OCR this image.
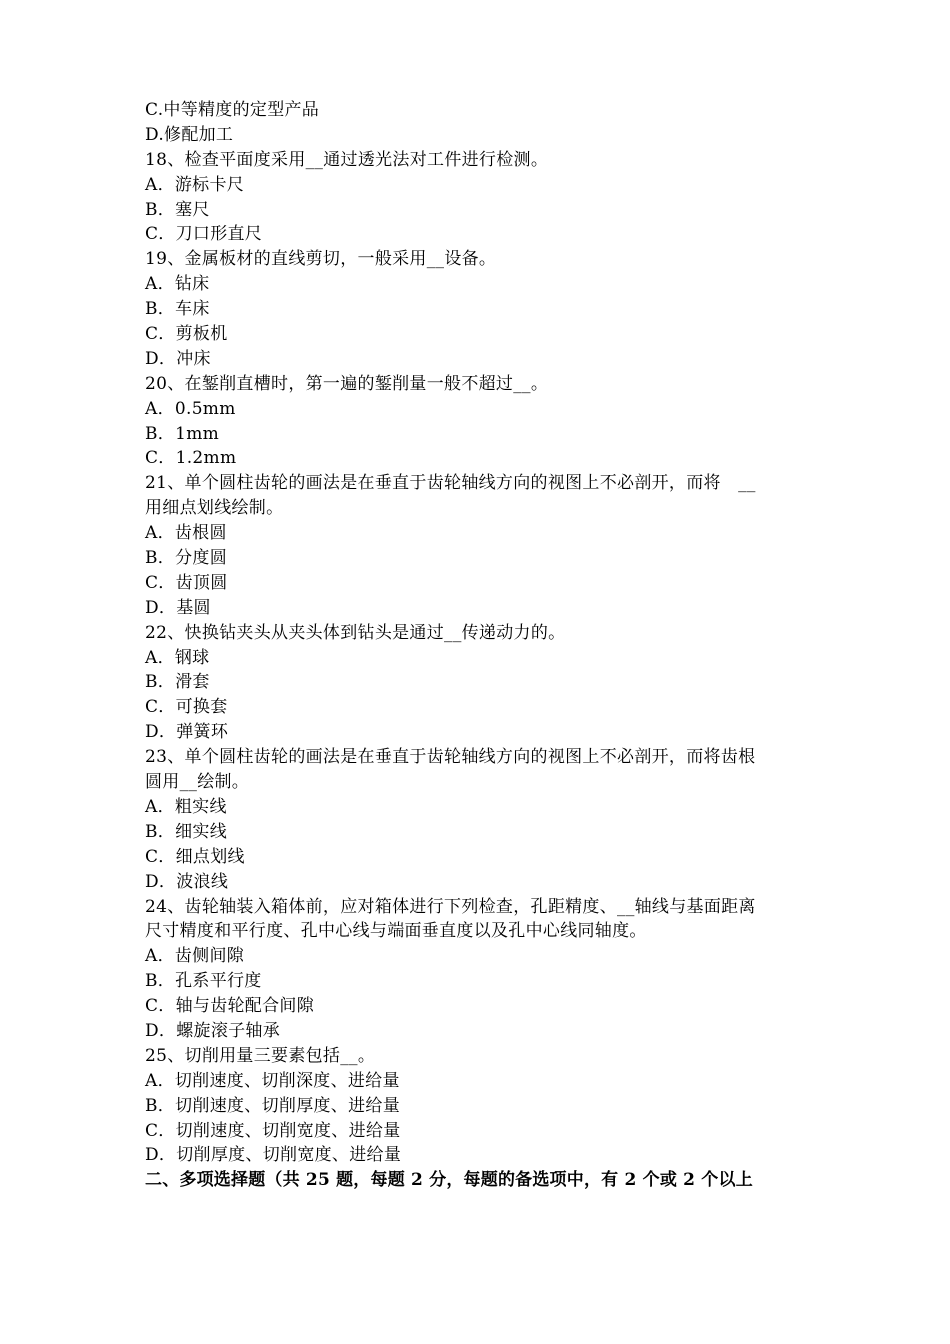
C.中等精度的定型产品
D.修配加工
18、检查平面度采用__通过透光法对工件进行检测。
A．游标卡尺
B．塞尺
C．刀口形直尺
19、金属板材的直线剪切，一般采用__设备。
A．钻床
B．车床
C．剪板机
D．冲床
20、在錾削直槽时，第一遍的錾削量一般不超过__。
A．0.5mm
B．1mm
C．1.2mm
21、单个圆柱齿轮的画法是在垂直于齿轮轴线方向的视图上不必剖开，而将　__
用细点划线绘制。
A．齿根圆
B．分度圆
C．齿顶圆
D．基圆
22、快换钻夹头从夹头体到钻头是通过__传递动力的。
A．钢球
B．滑套
C．可换套
D．弹簧环
23、单个圆柱齿轮的画法是在垂直于齿轮轴线方向的视图上不必剖开，而将齿根
圆用__绘制。
A．粗实线
B．细实线
C．细点划线
D．波浪线
24、齿轮轴装入箱体前，应对箱体进行下列检查，孔距精度、__轴线与基面距离
尺寸精度和平行度、孔中心线与端面垂直度以及孔中心线同轴度。
A．齿侧间隙
B．孔系平行度
C．轴与齿轮配合间隙
D．螺旋滚子轴承
25、切削用量三要素包括__。
A．切削速度、切削深度、进给量
B．切削速度、切削厚度、进给量
C．切削速度、切削宽度、进给量
D．切削厚度、切削宽度、进给量
二、多项选择题（共 25 题，每题 2 分，每题的备选项中，有 2 个或 2 个以上
